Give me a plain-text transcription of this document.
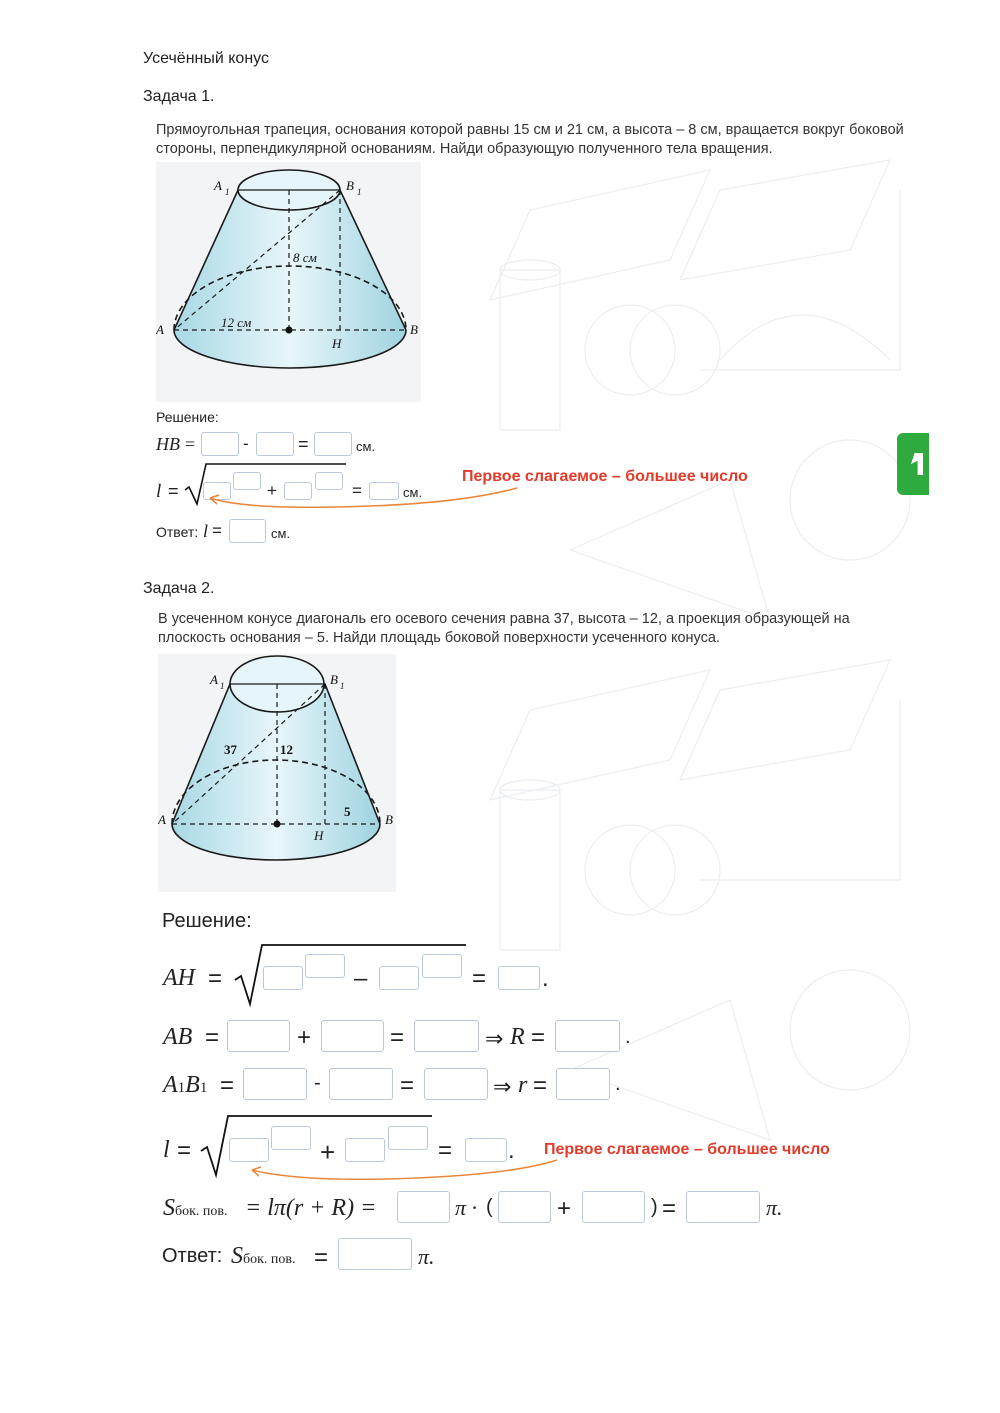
Усечённый конус
Задача 1.
Прямоугольная трапеция, основания которой равны 15 см и 21 см, а высота – 8 см, вращается вокруг боковой
стороны, перпендикулярной основаниям. Найди образующую полученного тела вращения.
A 1	B 1
A	B
H
8 см
12 см
Решение:
HB =	-	=	см.
l =	+	=	см.
Первое слагаемое – большее число
Ответ: l =	см.
Задача 2.
В усеченном конусе диагональ его осевого сечения равна 37, высота – 12, а проекция образующей на
плоскость основания – 5. Найди площадь боковой поверхности усеченного конуса.
A 1	B 1
A	B
H
37	12
5
Решение:
AH =	–	= .
AB =	+	=	⇒ R =	.
A1B1 =	-	=	⇒ r =	.
l =	+	= . Первое слагаемое – большее число
Sбок. пов. = lπ(r + R) =	π · (	+	) =	π.
Ответ: Sбок. пов. =	π.
